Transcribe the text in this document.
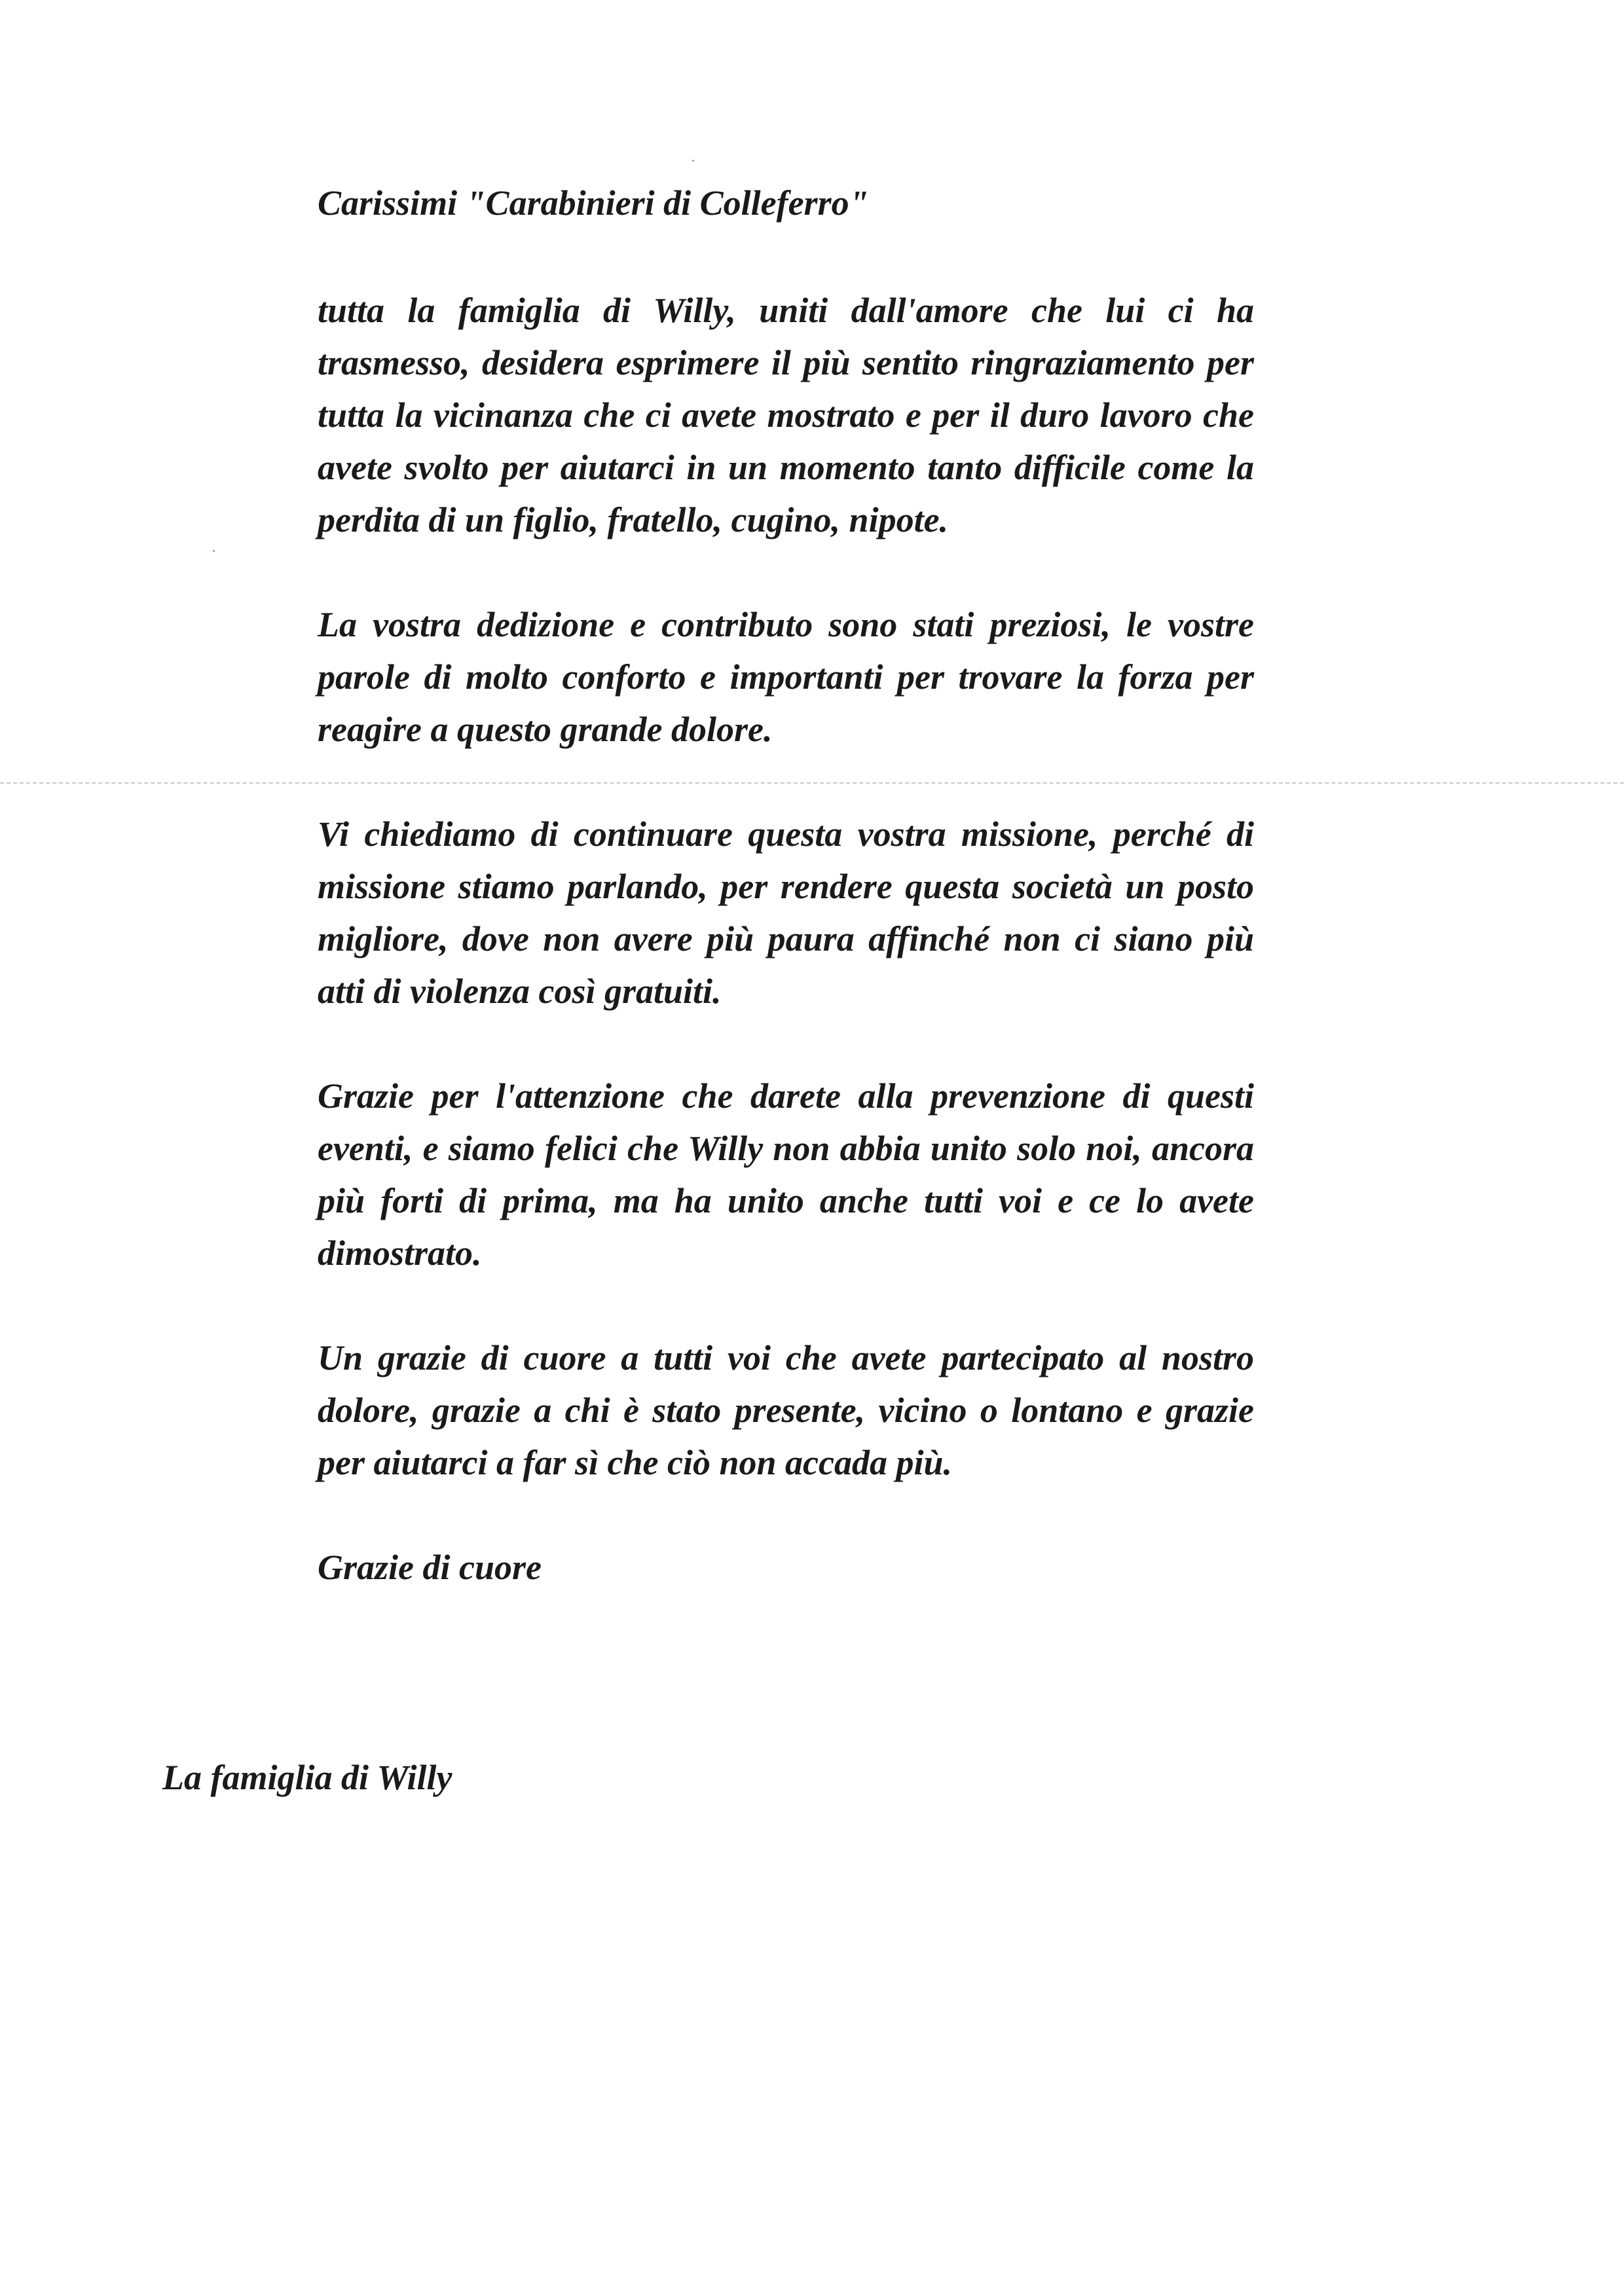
Carissimi "Carabinieri di Colleferro"

tutta la famiglia di Willy, uniti dall'amore che lui ci ha trasmesso, desidera esprimere il più sentito ringraziamento per tutta la vicinanza che ci avete mostrato e per il duro lavoro che avete svolto per aiutarci in un momento tanto difficile come la perdita di un figlio, fratello, cugino, nipote.

La vostra dedizione e contributo sono stati preziosi, le vostre parole di molto conforto e importanti per trovare la forza per reagire a questo grande dolore.

Vi chiediamo di continuare questa vostra missione, perché di missione stiamo parlando, per rendere questa società un posto migliore, dove non avere più paura affinché non ci siano più atti di violenza così gratuiti.

Grazie per l'attenzione che darete alla prevenzione di questi eventi, e siamo felici che Willy non abbia unito solo noi, ancora più forti di prima, ma ha unito anche tutti voi e ce lo avete dimostrato.

Un grazie di cuore a tutti voi che avete partecipato al nostro dolore, grazie a chi è stato presente, vicino o lontano e grazie per aiutarci a far sì che ciò non accada più.

Grazie di cuore

La famiglia di Willy
